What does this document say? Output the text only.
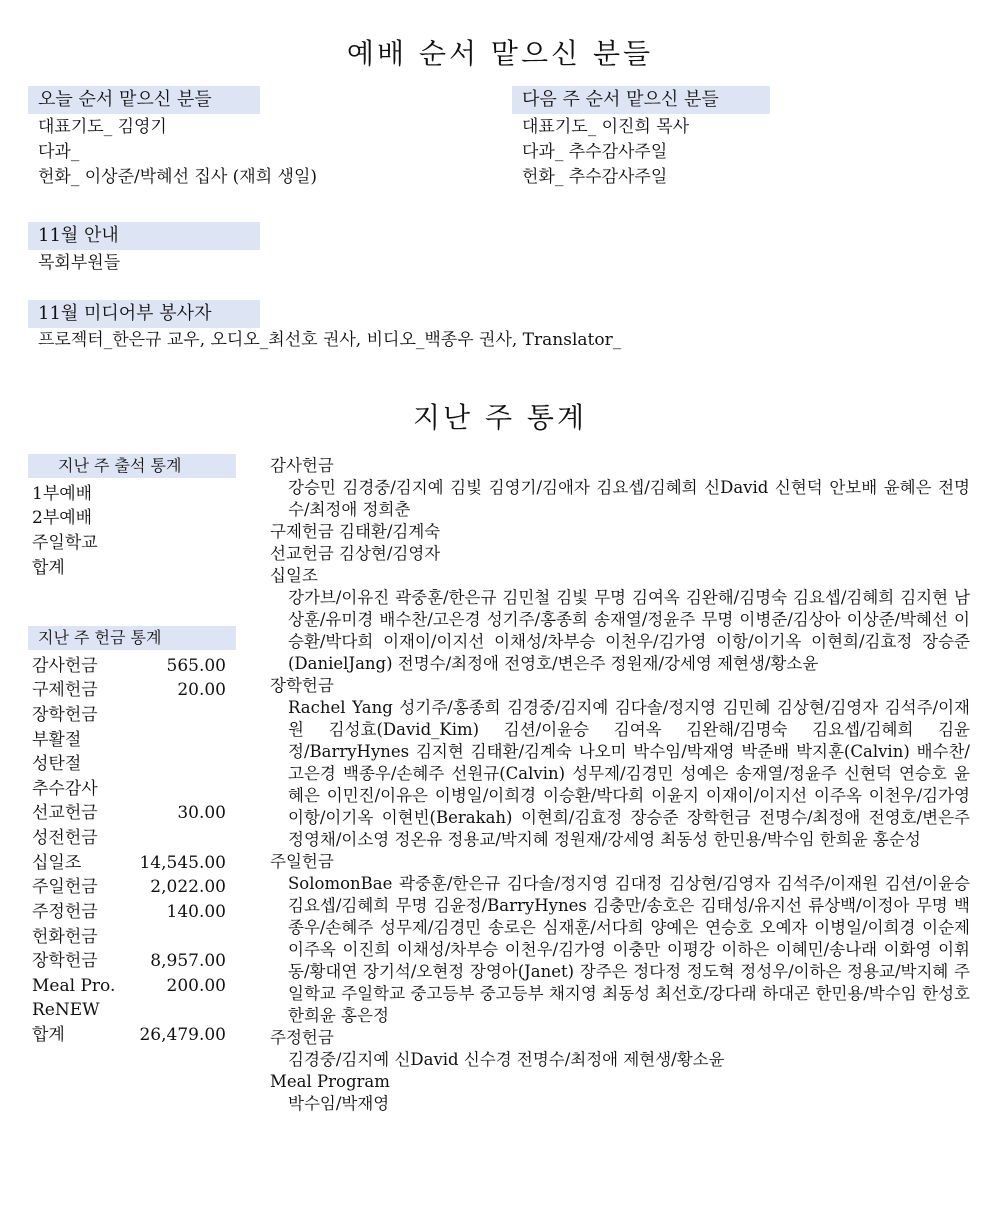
예배 순서 맡으신 분들
오늘 순서 맡으신 분들
대표기도_ 김영기
다과_
헌화_ 이상준/박혜선 집사 (재희 생일)
다음 주 순서 맡으신 분들
대표기도_ 이진희 목사
다과_ 추수감사주일
헌화_ 추수감사주일
11월 안내
목회부원들
11월 미디어부 봉사자
프로젝터_한은규 교우, 오디오_최선호 권사, 비디오_백종우 권사, Translator_
지난 주 통계
지난 주 출석 통계
1부예배
2부예배
주일학교
합계
지난 주 헌금 통계
감사헌금	565.00
구제헌금	20.00
장학헌금
부활절
성탄절
추수감사
선교헌금	30.00
성전헌금
십일조	14,545.00
주일헌금	2,022.00
주정헌금	140.00
헌화헌금
장학헌금	8,957.00
Meal Pro.	200.00
ReNEW
합계	26,479.00
감사헌금
강승민 김경중/김지예 김빛 김영기/김애자 김요셉/김혜희 신David 신현덕 안보배 윤혜은 전명수/최정애 정희춘
구제헌금 김태환/김계숙
선교헌금 김상현/김영자
십일조
강가브/이유진 곽중훈/한은규 김민철 김빛 무명 김여옥 김완해/김명숙 김요셉/김혜희 김지현 남상훈/유미경 배수찬/고은경 성기주/홍종희 송재열/정윤주 무명 이병준/김상아 이상준/박혜선 이승환/박다희 이재이/이지선 이채성/차부승 이천우/김가영 이항/이기옥 이현희/김효정 장승준(DanielJang) 전명수/최정애 전영호/변은주 정원재/강세영 제현생/황소윤
장학헌금
Rachel Yang 성기주/홍종희 김경중/김지예 김다솔/정지영 김민혜 김상현/김영자 김석주/이재원 김성효(David_Kim) 김션/이윤승 김여옥 김완해/김명숙 김요셉/김혜희 김윤정/BarryHynes 김지현 김태환/김계숙 나오미 박수임/박재영 박준배 박지훈(Calvin) 배수찬/고은경 백종우/손혜주 선원규(Calvin) 성무제/김경민 성예은 송재열/정윤주 신현덕 연승호 윤혜은 이민진/이유은 이병일/이희경 이승환/박다희 이윤지 이재이/이지선 이주옥 이천우/김가영 이항/이기옥 이현빈(Berakah) 이현희/김효정 장승준 장학헌금 전명수/최정애 전영호/변은주 정영채/이소영 정온유 정용교/박지혜 정원재/강세영 최동성 한민용/박수임 한희윤 홍순성
주일헌금
SolomonBae 곽중훈/한은규 김다솔/정지영 김대정 김상현/김영자 김석주/이재원 김션/이윤승 김요셉/김혜희 무명 김윤정/BarryHynes 김충만/송호은 김태성/유지선 류상백/이정아 무명 백종우/손혜주 성무제/김경민 송로은 심재훈/서다희 양예은 연승호 오예자 이병일/이희경 이순제 이주옥 이진희 이채성/차부승 이천우/김가영 이충만 이평강 이하은 이혜민/송나래 이화영 이휘동/황대연 장기석/오현정 장영아(Janet) 장주은 정다정 정도혁 정성우/이하은 정용교/박지혜 주일학교 주일학교 중고등부 중고등부 채지영 최동성 최선호/강다래 하대곤 한민용/박수임 한성호 한희윤 홍은정
주정헌금
김경중/김지예 신David 신수경 전명수/최정애 제현생/황소윤
Meal Program
박수임/박재영
